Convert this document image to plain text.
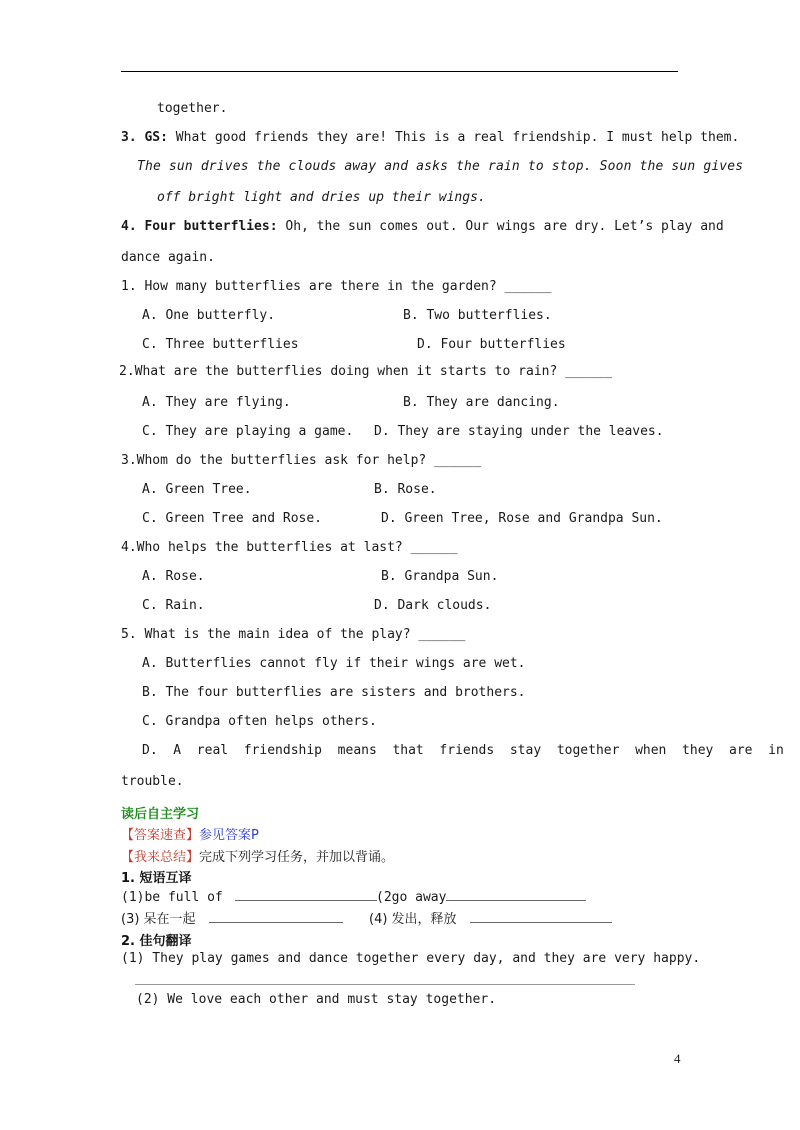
together.
3. GS: What good friends they are! This is a real friendship. I must help them.
The sun drives the clouds away and asks the rain to stop. Soon the sun gives
off bright light and dries up their wings.
4. Four butterflies: Oh, the sun comes out. Our wings are dry. Let’s play and
dance again.
1. How many butterflies are there in the garden? ______
A. One butterfly.	B. Two butterflies.
C. Three butterflies	D. Four butterflies
2.What are the butterflies doing when it starts to rain? ______
A. They are flying.	B. They are dancing.
C. They are playing a game. D. They are staying under the leaves.
3.Whom do the butterflies ask for help? ______
A. Green Tree.	B. Rose.
C. Green Tree and Rose.	D. Green Tree, Rose and Grandpa Sun.
4.Who helps the butterflies at last? ______
A. Rose.	B. Grandpa Sun.
C. Rain.	D. Dark clouds.
5. What is the main idea of the play? ______
A. Butterflies cannot fly if their wings are wet.
B. The four butterflies are sisters and brothers.
C. Grandpa often helps others.
D.  A  real  friendship  means  that  friends  stay  together  when  they  are  in
trouble.
读后自主学习
【答案速查】参见答案P
【我来总结】完成下列学习任务，并加以背诵。
1. 短语互译
(1)be full of	(2go away
(3) 呆在一起	(4) 发出，释放
2. 佳句翻译
(1) They play games and dance together every day, and they are very happy.
(2) We love each other and must stay together.
4
